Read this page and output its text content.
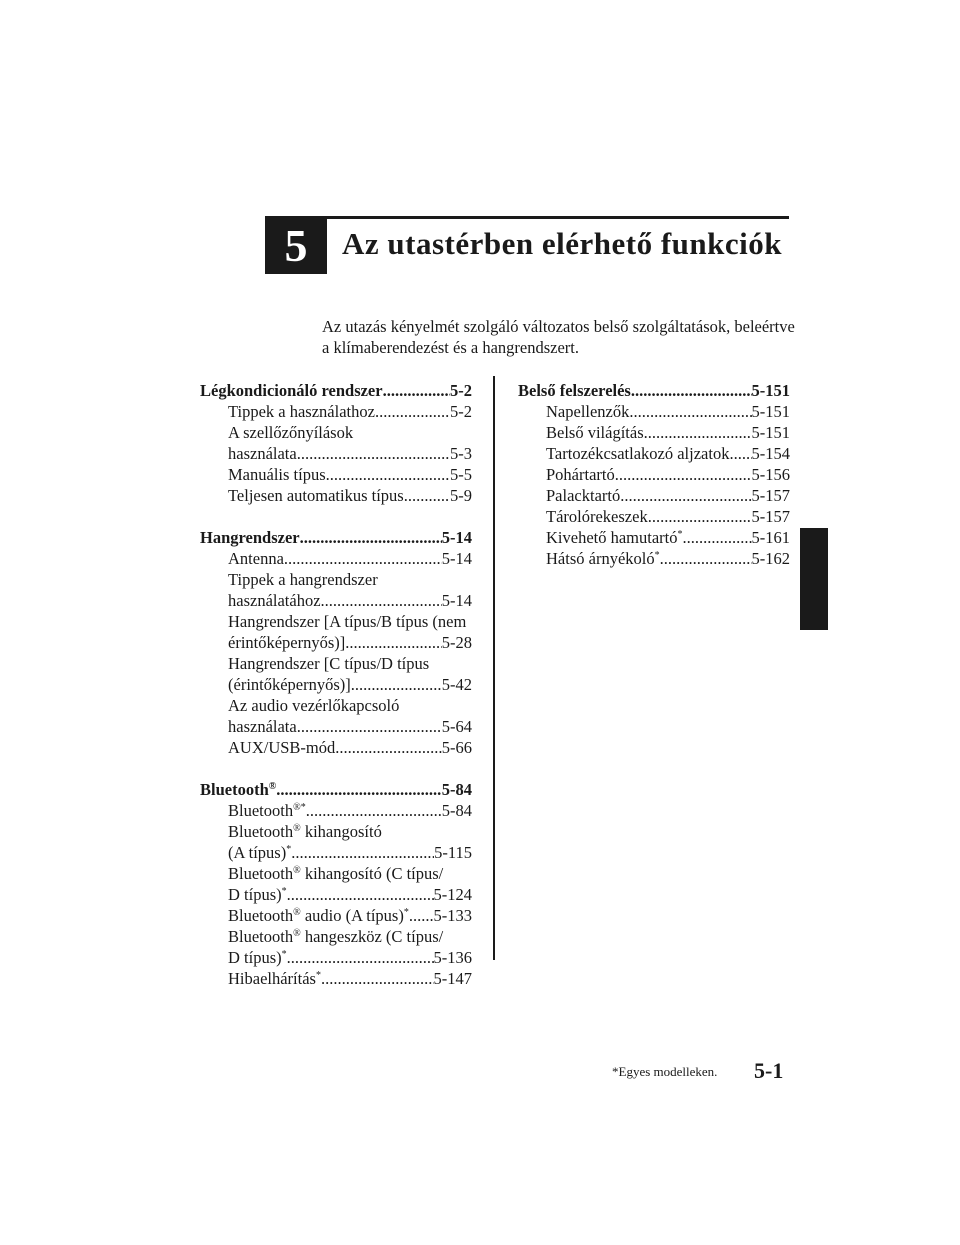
5	Az utastérben elérhető funkciók

Az utazás kényelmét szolgáló változatos belső szolgáltatások, beleértve

a klímaberendezést és a hangrendszert.

Légkondicionáló rendszer .....	5-2
Tippek a használathoz .....	5-2
A szellőzőnyílások
használata .....	5-3
Manuális típus .....	5-5
Teljesen automatikus típus .....	5-9
Hangrendszer .....	5-14
Antenna .....	5-14
Tippek a hangrendszer
használatához .....	5-14
Hangrendszer [A típus/B típus (nem
érintőképernyős)] .....	5-28
Hangrendszer [C típus/D típus
(érintőképernyős)] .....	5-42
Az audio vezérlőkapcsoló
használata .....	5-64
AUX/USB-mód .....	5-66
Bluetooth® .....	5-84
Bluetooth®* .....	5-84
Bluetooth® kihangosító
(A típus)* .....	5-115
Bluetooth® kihangosító (C típus/
D típus)* .....	5-124
Bluetooth® audio (A típus)* ..... 5-133
Bluetooth® hangeszköz (C típus/
D típus)* .....	5-136
Hibaelhárítás* .....	5-147
Belső felszerelés .....	5-151
Napellenzők .....	5-151
Belső világítás .....	5-151
Tartozékcsatlakozó aljzatok ..... 5-154
Pohártartó .....	5-156
Palacktartó .....	5-157
Tárolórekeszek .....	5-157
Kivehető hamutartó* .....	5-161
Hátsó árnyékoló* .....	5-162
*Egyes modelleken. 5-1
